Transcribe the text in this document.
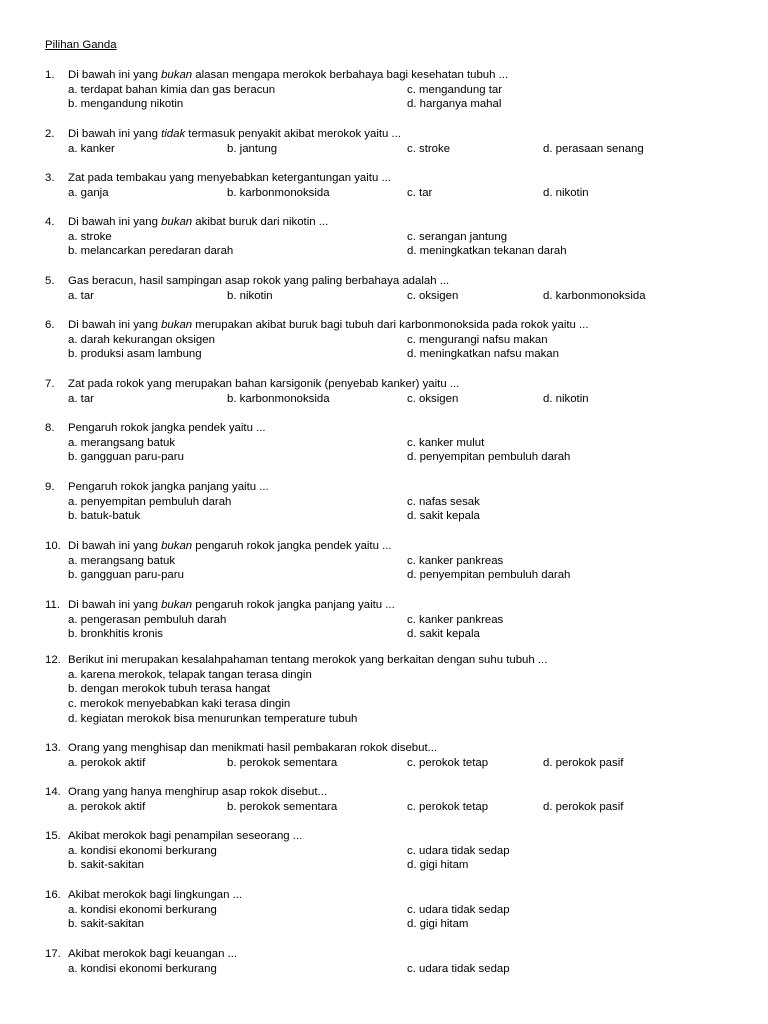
Pilihan Ganda
1.	Di bawah ini yang bukan alasan mengapa merokok berbahaya bagi kesehatan tubuh ...
a. terdapat bahan kimia dan gas beracun	c. mengandung tar
b. mengandung nikotin	d. harganya mahal
2.	Di bawah ini yang tidak termasuk penyakit akibat merokok yaitu ...
a. kanker	b. jantung	c. stroke	d. perasaan senang
3.	Zat pada tembakau yang menyebabkan ketergantungan yaitu ...
a. ganja	b. karbonmonoksida	c. tar	d. nikotin
4.	Di bawah ini yang bukan akibat buruk dari nikotin ...
a. stroke	c. serangan jantung
b. melancarkan peredaran darah	d. meningkatkan tekanan darah
5.	Gas beracun, hasil sampingan asap rokok yang paling berbahaya adalah ...
a. tar	b. nikotin	c. oksigen	d. karbonmonoksida
6.	Di bawah ini yang bukan merupakan akibat buruk bagi tubuh dari karbonmonoksida pada rokok yaitu ...
a. darah kekurangan oksigen	c. mengurangi nafsu makan
b. produksi asam lambung	d. meningkatkan nafsu makan
7.	Zat pada rokok yang merupakan bahan karsigonik (penyebab kanker) yaitu ...
a. tar	b. karbonmonoksida	c. oksigen	d. nikotin
8.	Pengaruh rokok jangka pendek yaitu ...
a. merangsang batuk	c. kanker mulut
b. gangguan paru-paru	d. penyempitan pembuluh darah
9.	Pengaruh rokok jangka panjang yaitu ...
a. penyempitan pembuluh darah	c. nafas sesak
b. batuk-batuk	d. sakit kepala
10. Di bawah ini yang bukan pengaruh rokok jangka pendek yaitu ...
a. merangsang batuk	c. kanker pankreas
b. gangguan paru-paru	d. penyempitan pembuluh darah
11. Di bawah ini yang bukan pengaruh rokok jangka panjang yaitu ...
a. pengerasan pembuluh darah	c. kanker pankreas
b. bronkhitis kronis	d. sakit kepala
12. Berikut ini merupakan kesalahpahaman tentang merokok yang berkaitan dengan suhu tubuh ...
a. karena merokok, telapak tangan terasa dingin
b. dengan merokok tubuh terasa hangat
c. merokok menyebabkan kaki terasa dingin
d. kegiatan merokok bisa menurunkan temperature tubuh
13. Orang yang menghisap dan menikmati hasil pembakaran rokok disebut...
a. perokok aktif	b. perokok sementara	c. perokok tetap	d. perokok pasif
14. Orang yang hanya menghirup asap rokok disebut...
a. perokok aktif	b. perokok sementara	c. perokok tetap	d. perokok pasif
15. Akibat merokok bagi penampilan seseorang ...
a. kondisi ekonomi berkurang	c. udara tidak sedap
b. sakit-sakitan	d. gigi hitam
16. Akibat merokok bagi lingkungan ...
a. kondisi ekonomi berkurang	c. udara tidak sedap
b. sakit-sakitan	d. gigi hitam
17. Akibat merokok bagi keuangan ...
a. kondisi ekonomi berkurang	c. udara tidak sedap
